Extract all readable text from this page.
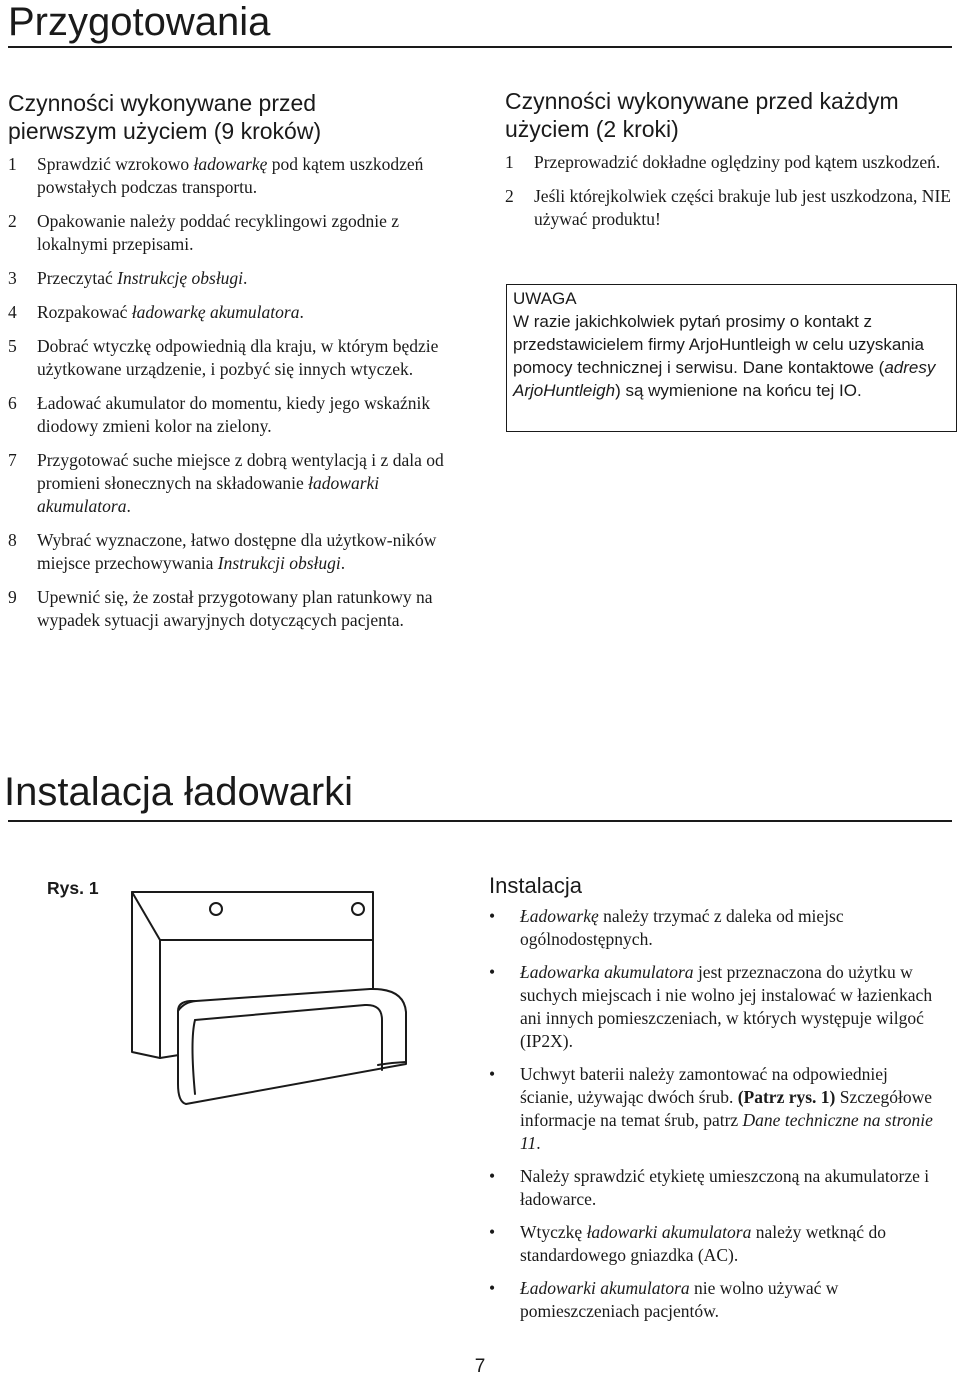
Przygotowania
Czynności wykonywane przed
pierwszym użyciem (9 kroków)
1 Sprawdzić wzrokowo ładowarkę pod kątem uszkodzeń powstałych podczas transportu.
2 Opakowanie należy poddać recyklingowi zgodnie z lokalnymi przepisami.
3 Przeczytać Instrukcję obsługi.
4 Rozpakować ładowarkę akumulatora.
5 Dobrać wtyczkę odpowiednią dla kraju, w którym będzie użytkowane urządzenie, i pozbyć się innych wtyczek.
6 Ładować akumulator do momentu, kiedy jego wskaźnik diodowy zmieni kolor na zielony.
7 Przygotować suche miejsce z dobrą wentylacją i z dala od promieni słonecznych na składowanie ładowarki akumulatora.
8 Wybrać wyznaczone, łatwo dostępne dla użytkow-ników miejsce przechowywania Instrukcji obsługi.
9 Upewnić się, że został przygotowany plan ratunkowy na wypadek sytuacji awaryjnych dotyczących pacjenta.
Czynności wykonywane przed każdym
użyciem (2 kroki)
1 Przeprowadzić dokładne oględziny pod kątem uszkodzeń.
2 Jeśli którejkolwiek części brakuje lub jest uszkodzona, NIE używać produktu!
UWAGA
W razie jakichkolwiek pytań prosimy o kontakt z przedstawicielem firmy ArjoHuntleigh w celu uzyskania pomocy technicznej i serwisu. Dane kontaktowe (adresy ArjoHuntleigh) są wymienione na końcu tej IO.
Instalacja ładowarki
Rys. 1	Instalacja
• Ładowarkę należy trzymać z daleka od miejsc ogólnodostępnych.
• Ładowarka akumulatora jest przeznaczona do użytku w suchych miejscach i nie wolno jej instalować w łazienkach ani innych pomieszczeniach, w których występuje wilgoć (IP2X).
• Uchwyt baterii należy zamontować na odpowiedniej ścianie, używając dwóch śrub. (Patrz rys. 1) Szczegółowe informacje na temat śrub, patrz Dane techniczne na stronie 11.
• Należy sprawdzić etykietę umieszczoną na akumulatorze i ładowarce.
• Wtyczkę ładowarki akumulatora należy wetknąć do standardowego gniazdka (AC).
• Ładowarki akumulatora nie wolno używać w pomieszczeniach pacjentów.
7
